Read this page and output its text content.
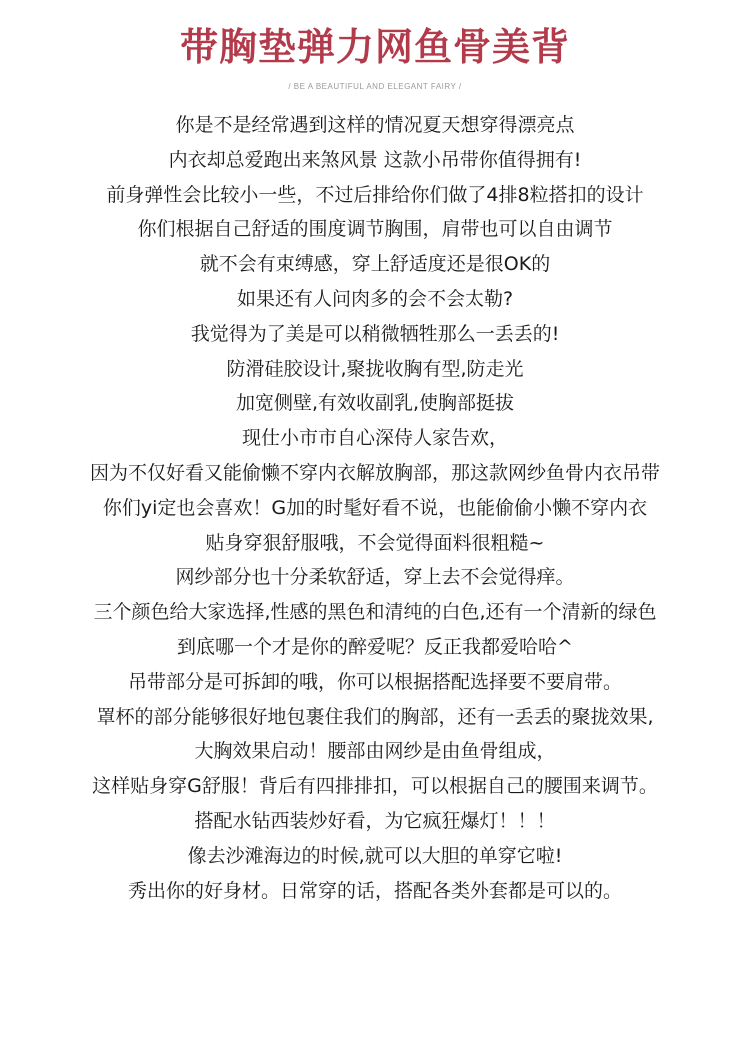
带胸垫弹力网鱼骨美背
/ BE A BEAUTIFUL AND ELEGANT FAIRY /
你是不是经常遇到这样的情况夏天想穿得漂亮点
内衣却总爱跑出来煞风景 这款小吊带你值得拥有!
前身弹性会比较小一些，不过后排给你们做了4排8粒搭扣的设计
你们根据自己舒适的围度调节胸围，肩带也可以自由调节
就不会有束缚感，穿上舒适度还是很OK的
如果还有人问肉多的会不会太勒?
我觉得为了美是可以稍微牺牲那么一丢丢的!
防滑硅胶设计,聚拢收胸有型,防走光
加宽侧壁,有效收副乳,使胸部挺拔
现仕小市市自心深侍人家告欢，
因为不仅好看又能偷懒不穿内衣解放胸部，那这款网纱鱼骨内衣吊带
你们yi定也会喜欢！G加的时髦好看不说，也能偷偷小懒不穿内衣
贴身穿狠舒服哦，不会觉得面料很粗糙~
网纱部分也十分柔软舒适，穿上去不会觉得痒。
三个颜色给大家选择,性感的黑色和清纯的白色,还有一个清新的绿色
到底哪一个才是你的醉爱呢？反正我都爱哈哈^
吊带部分是可拆卸的哦，你可以根据搭配选择要不要肩带。
罩杯的部分能够很好地包裹住我们的胸部，还有一丢丢的聚拢效果,
大胸效果启动！腰部由网纱是由鱼骨组成，
这样贴身穿G舒服！背后有四排排扣，可以根据自己的腰围来调节。
搭配水钻西装炒好看，为它疯狂爆灯！！！
像去沙滩海边的时候,就可以大胆的单穿它啦!
秀出你的好身材。日常穿的话，搭配各类外套都是可以的。
